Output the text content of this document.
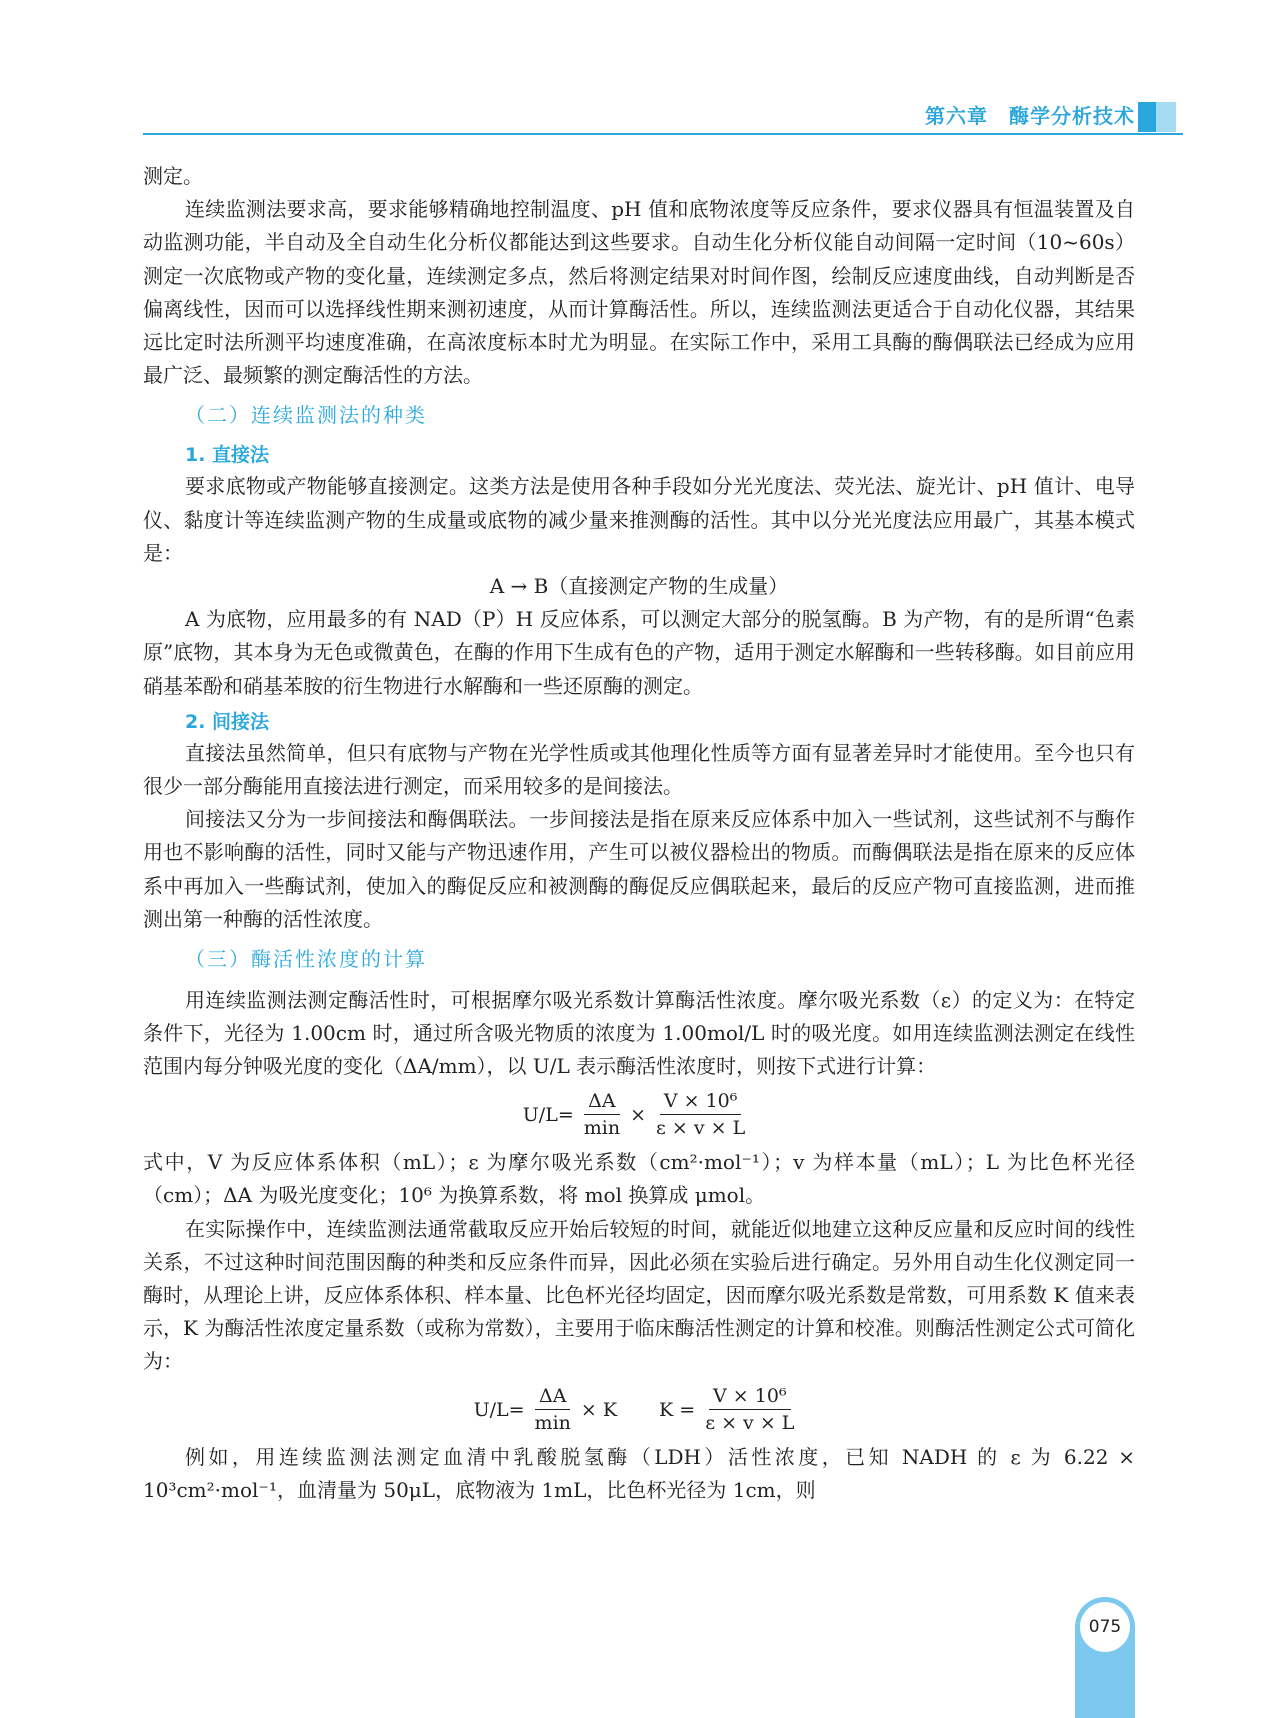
第六章　酶学分析技术

测定。

连续监测法要求高，要求能够精确地控制温度、pH 值和底物浓度等反应条件，要求仪器具有恒温装置及自动监测功能，半自动及全自动生化分析仪都能达到这些要求。自动生化分析仪能自动间隔一定时间（10~60s）测定一次底物或产物的变化量，连续测定多点，然后将测定结果对时间作图，绘制反应速度曲线，自动判断是否偏离线性，因而可以选择线性期来测初速度，从而计算酶活性。所以，连续监测法更适合于自动化仪器，其结果远比定时法所测平均速度准确，在高浓度标本时尤为明显。在实际工作中，采用工具酶的酶偶联法已经成为应用最广泛、最频繁的测定酶活性的方法。

（二）连续监测法的种类
1. 直接法

要求底物或产物能够直接测定。这类方法是使用各种手段如分光光度法、荧光法、旋光计、pH 值计、电导仪、黏度计等连续监测产物的生成量或底物的减少量来推测酶的活性。其中以分光光度法应用最广，其基本模式是：

A → B（直接测定产物的生成量）

A 为底物，应用最多的有 NAD（P）H 反应体系，可以测定大部分的脱氢酶。B 为产物，有的是所谓“色素原”底物，其本身为无色或微黄色，在酶的作用下生成有色的产物，适用于测定水解酶和一些转移酶。如目前应用硝基苯酚和硝基苯胺的衍生物进行水解酶和一些还原酶的测定。

2. 间接法

直接法虽然简单，但只有底物与产物在光学性质或其他理化性质等方面有显著差异时才能使用。至今也只有很少一部分酶能用直接法进行测定，而采用较多的是间接法。

间接法又分为一步间接法和酶偶联法。一步间接法是指在原来反应体系中加入一些试剂，这些试剂不与酶作用也不影响酶的活性，同时又能与产物迅速作用，产生可以被仪器检出的物质。而酶偶联法是指在原来的反应体系中再加入一些酶试剂，使加入的酶促反应和被测酶的酶促反应偶联起来，最后的反应产物可直接监测，进而推测出第一种酶的活性浓度。

（三）酶活性浓度的计算

用连续监测法测定酶活性时，可根据摩尔吸光系数计算酶活性浓度。摩尔吸光系数（ε）的定义为：在特定条件下，光径为 1.00cm 时，通过所含吸光物质的浓度为 1.00mol/L 时的吸光度。如用连续监测法测定在线性范围内每分钟吸光度的变化（ΔA/mm），以 U/L 表示酶活性浓度时，则按下式进行计算：

$U/L= \frac{\Delta A}{\min} \times \frac{\text{V × 10⁶}}{\varepsilon \times v \times L}$

式中，V 为反应体系体积（mL）；ε 为摩尔吸光系数（cm²·mol⁻¹）；v 为样本量（mL）；L 为比色杯光径（cm）；ΔA 为吸光度变化；10⁶ 为换算系数，将 mol 换算成 μmol。

在实际操作中，连续监测法通常截取反应开始后较短的时间，就能近似地建立这种反应量和反应时间的线性关系，不过这种时间范围因酶的种类和反应条件而异，因此必须在实验后进行确定。另外用自动生化仪测定同一酶时，从理论上讲，反应体系体积、样本量、比色杯光径均固定，因而摩尔吸光系数是常数，可用系数 K 值来表示，K 为酶活性浓度定量系数（或称为常数），主要用于临床酶活性测定的计算和校准。则酶活性测定公式可简化为：

$U/L= \frac{\Delta A}{\min} \times K$ $K = \frac{\text{V × 10⁶}}{\varepsilon \times v \times L}$

例如，用连续监测法测定血清中乳酸脱氢酶（LDH）活性浓度，已知 NADH 的 ε 为 6.22 × 10³cm²·mol⁻¹，血清量为 50μL，底物液为 1mL，比色杯光径为 1cm，则

075
